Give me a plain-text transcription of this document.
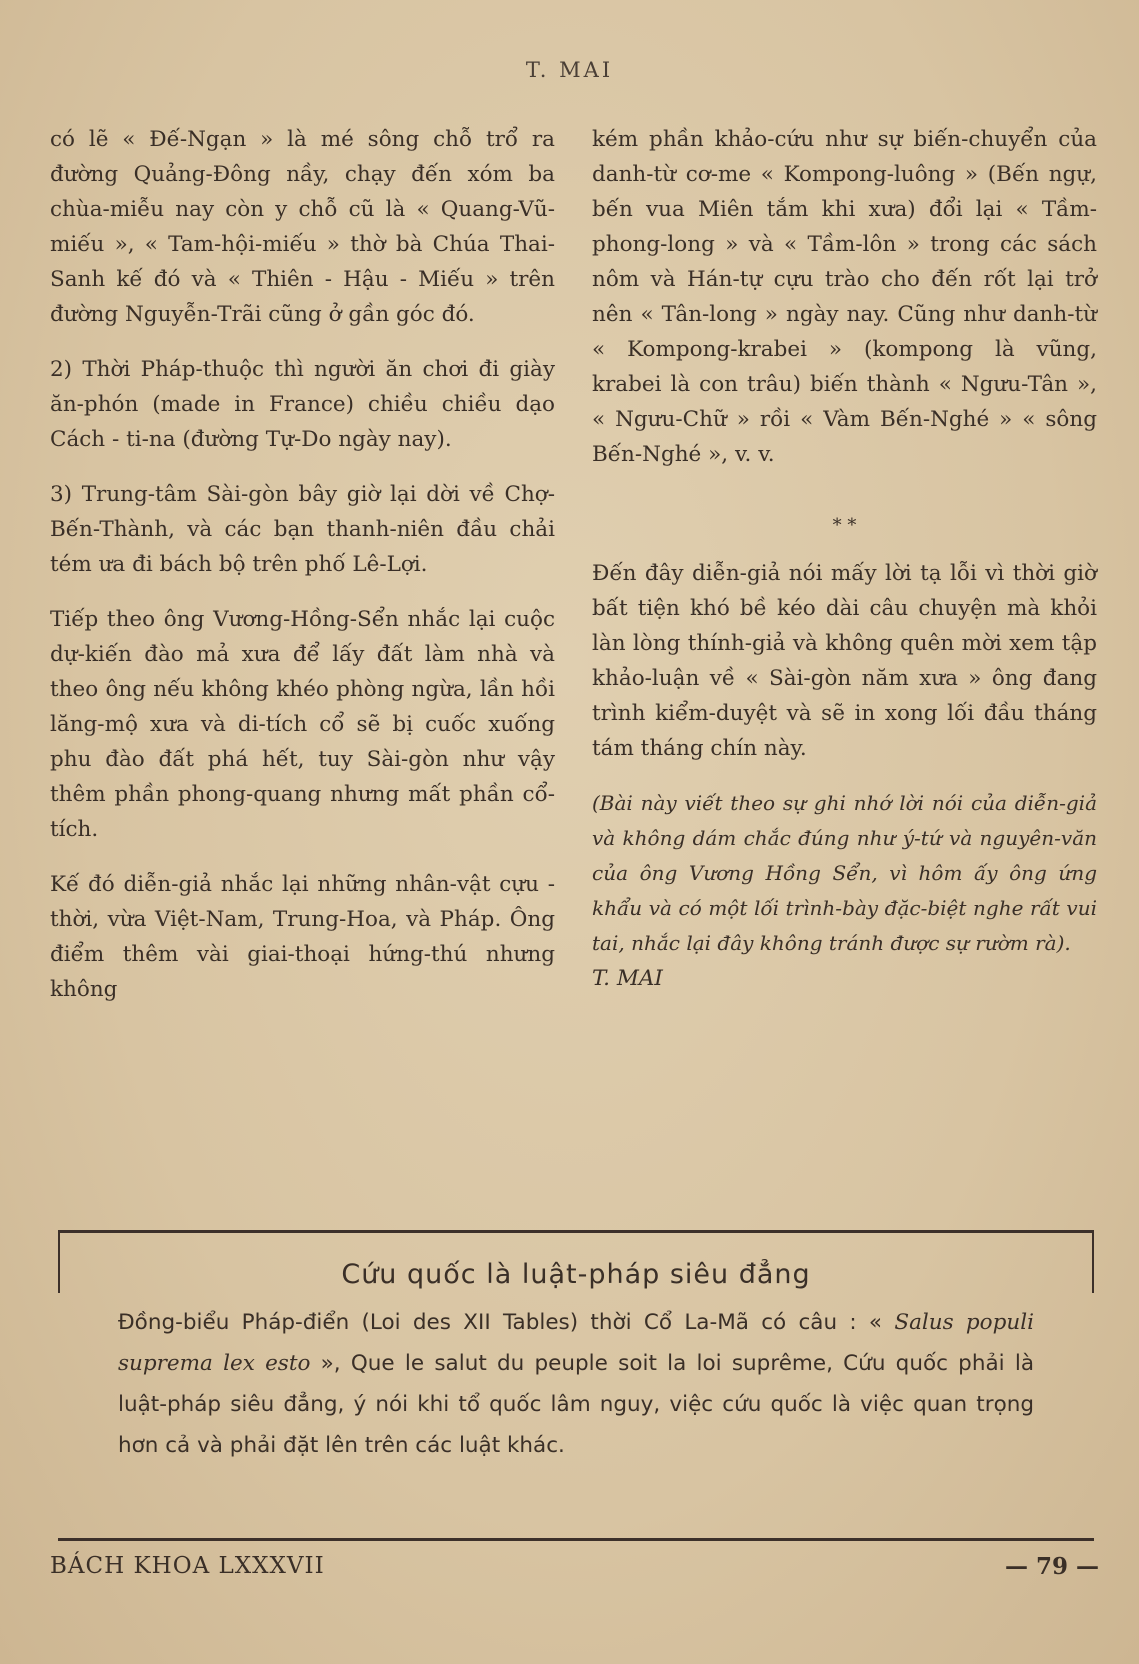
T. MAI

có lẽ « Đế-Ngạn » là mé sông chỗ trổ ra đường Quảng-Đông nầy, chạy đến xóm ba chùa-miễu nay còn y chỗ cũ là « Quang-Vũ-miếu », « Tam-hội-miếu » thờ bà Chúa Thai-Sanh kế đó và « Thiên - Hậu - Miếu » trên đường Nguyễn-Trãi cũng ở gần góc đó.

2) Thời Pháp-thuộc thì người ăn chơi đi giày ăn-phón (made in France) chiều chiều dạo Cách - ti-na (đường Tự-Do ngày nay).

3) Trung-tâm Sài-gòn bây giờ lại dời về Chợ-Bến-Thành, và các bạn thanh-niên đầu chải tém ưa đi bách bộ trên phố Lê-Lợi.

Tiếp theo ông Vương-Hồng-Sển nhắc lại cuộc dự-kiến đào mả xưa để lấy đất làm nhà và theo ông nếu không khéo phòng ngừa, lần hồi lăng-mộ xưa và di-tích cổ sẽ bị cuốc xuống phu đào đất phá hết, tuy Sài-gòn như vậy thêm phần phong-quang nhưng mất phần cổ-tích.

Kế đó diễn-giả nhắc lại những nhân-vật cựu - thời, vừa Việt-Nam, Trung-Hoa, và Pháp. Ông điểm thêm vài giai-thoại hứng-thú nhưng không

kém phần khảo-cứu như sự biến-chuyển của danh-từ cơ-me « Kompong-luông » (Bến ngự, bến vua Miên tắm khi xưa) đổi lại « Tầm-phong-long » và « Tầm-lôn » trong các sách nôm và Hán-tự cựu trào cho đến rốt lại trở nên « Tân-long » ngày nay. Cũng như danh-từ « Kompong-krabei » (kompong là vũng, krabei là con trâu) biến thành « Ngưu-Tân », « Ngưu-Chữ » rồi « Vàm Bến-Nghé » « sông Bến-Nghé », v. v.

* *

Đến đây diễn-giả nói mấy lời tạ lỗi vì thời giờ bất tiện khó bề kéo dài câu chuyện mà khỏi làn lòng thính-giả và không quên mời xem tập khảo-luận về « Sài-gòn năm xưa » ông đang trình kiểm-duyệt và sẽ in xong lối đầu tháng tám tháng chín này.

(Bài này viết theo sự ghi nhớ lời nói của diễn-giả và không dám chắc đúng như ý-tứ và nguyên-văn của ông Vương Hồng Sển, vì hôm ấy ông ứng khẩu và có một lối trình-bày đặc-biệt nghe rất vui tai, nhắc lại đây không tránh được sự rườm rà).

T. MAI

Cứu quốc là luật-pháp siêu đẳng
Đồng-biểu Pháp-điển (Loi des XII Tables) thời Cổ La-Mã có câu : « Salus populi suprema lex esto », Que le salut du peuple soit la loi suprême, Cứu quốc phải là luật-pháp siêu đẳng, ý nói khi tổ quốc lâm nguy, việc cứu quốc là việc quan trọng hơn cả và phải đặt lên trên các luật khác.
BÁCH KHOA LXXXVII	— 79 —
